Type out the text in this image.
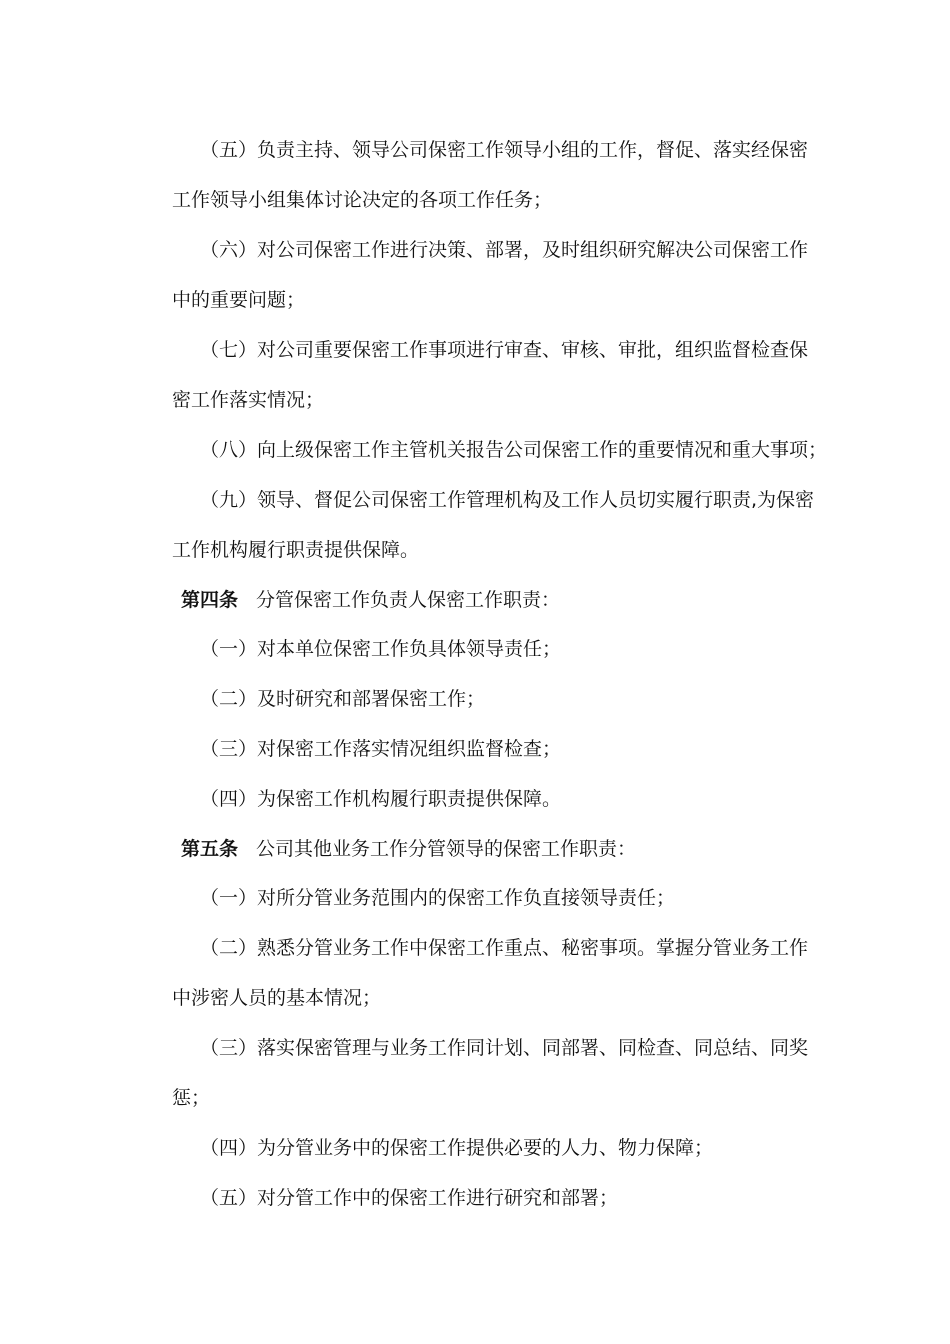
（五）负责主持、领导公司保密工作领导小组的工作，督促、落实经保密
工作领导小组集体讨论决定的各项工作任务；
（六）对公司保密工作进行决策、部署，及时组织研究解决公司保密工作
中的重要问题；
（七）对公司重要保密工作事项进行审查、审核、审批，组织监督检查保
密工作落实情况；
（八）向上级保密工作主管机关报告公司保密工作的重要情况和重大事项；
（九）领导、督促公司保密工作管理机构及工作人员切实履行职责,为保密
工作机构履行职责提供保障。
第四条 分管保密工作负责人保密工作职责：
（一）对本单位保密工作负具体领导责任；
（二）及时研究和部署保密工作；
（三）对保密工作落实情况组织监督检查；
（四）为保密工作机构履行职责提供保障。
第五条 公司其他业务工作分管领导的保密工作职责：
（一）对所分管业务范围内的保密工作负直接领导责任；
（二）熟悉分管业务工作中保密工作重点、秘密事项。掌握分管业务工作
中涉密人员的基本情况；
（三）落实保密管理与业务工作同计划、同部署、同检查、同总结、同奖
惩；
（四）为分管业务中的保密工作提供必要的人力、物力保障；
（五）对分管工作中的保密工作进行研究和部署；
